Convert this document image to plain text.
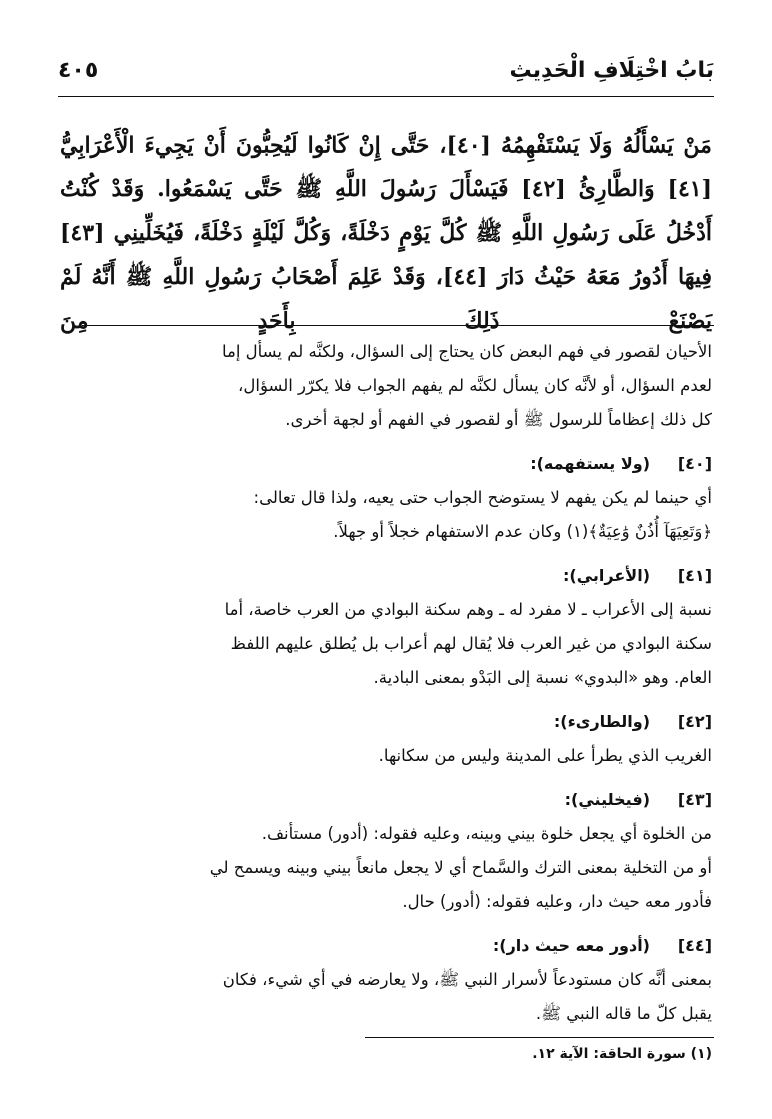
بَابُ اخْتِلَافِ الْحَدِيثِ
٤٠٥

مَنْ يَسْأَلُهُ وَلَا يَسْتَفْهِمُهُ [٤٠]، حَتَّى إِنْ كَانُوا لَيُحِبُّونَ أَنْ يَجِيءَ الْأَعْرَابِيُّ [٤١] وَالطَّارِئُ [٤٢] فَيَسْأَلَ رَسُولَ اللَّهِ ﷺ حَتَّى يَسْمَعُوا. وَقَدْ كُنْتُ أَدْخُلُ عَلَى رَسُولِ اللَّهِ ﷺ كُلَّ يَوْمٍ دَخْلَةً، وَكُلَّ لَيْلَةٍ دَخْلَةً، فَيُخَلِّينِي [٤٣] فِيهَا أَدُورُ مَعَهُ حَيْثُ دَارَ [٤٤]، وَقَدْ عَلِمَ أَصْحَابُ رَسُولِ اللَّهِ ﷺ أَنَّهُ لَمْ يَصْنَعْ ذَلِكَ بِأَحَدٍ مِنَ

الأحيان لقصور في فهم البعض كان يحتاج إلى السؤال، ولكنَّه لم يسأل إما

لعدم السؤال، أو لأنَّه كان يسأل لكنَّه لم يفهم الجواب فلا يكرّر السؤال،

كل ذلك إعظاماً للرسول ﷺ أو لقصور في الفهم أو لجهة أخرى.

[٤٠]
(ولا يستفهمه):

أي حينما لم يكن يفهم لا يستوضح الجواب حتى يعيه، ولذا قال تعالى:

﴿وَتَعِيَهَآ أُذُنٌ وَٰعِيَةٌ﴾(١) وكان عدم الاستفهام خجلاً أو جهلاً.

[٤١]
(الأعرابي):

نسبة إلى الأعراب ـ لا مفرد له ـ وهم سكنة البوادي من العرب خاصة، أما

سكنة البوادي من غير العرب فلا يُقال لهم أعراب بل يُطلق عليهم اللفظ

العام. وهو «البدوي» نسبة إلى البَدْو بمعنى البادية.

[٤٢]
(والطارىء):

الغريب الذي يطرأ على المدينة وليس من سكانها.

[٤٣]
(فيخليني):

من الخلوة أي يجعل خلوة بيني وبينه، وعليه فقوله: (أدور) مستأنف.

أو من التخلية بمعنى الترك والسَّماح أي لا يجعل مانعاً بيني وبينه ويسمح لي

فأدور معه حيث دار، وعليه فقوله: (أدور) حال.

[٤٤]
(أدور معه حيث دار):

بمعنى أنَّه كان مستودعاً لأسرار النبي ﷺ، ولا يعارضه في أي شيء، فكان

يقبل كلّ ما قاله النبي ﷺ.

(١) سورة الحاقة: الآية ١٢.
